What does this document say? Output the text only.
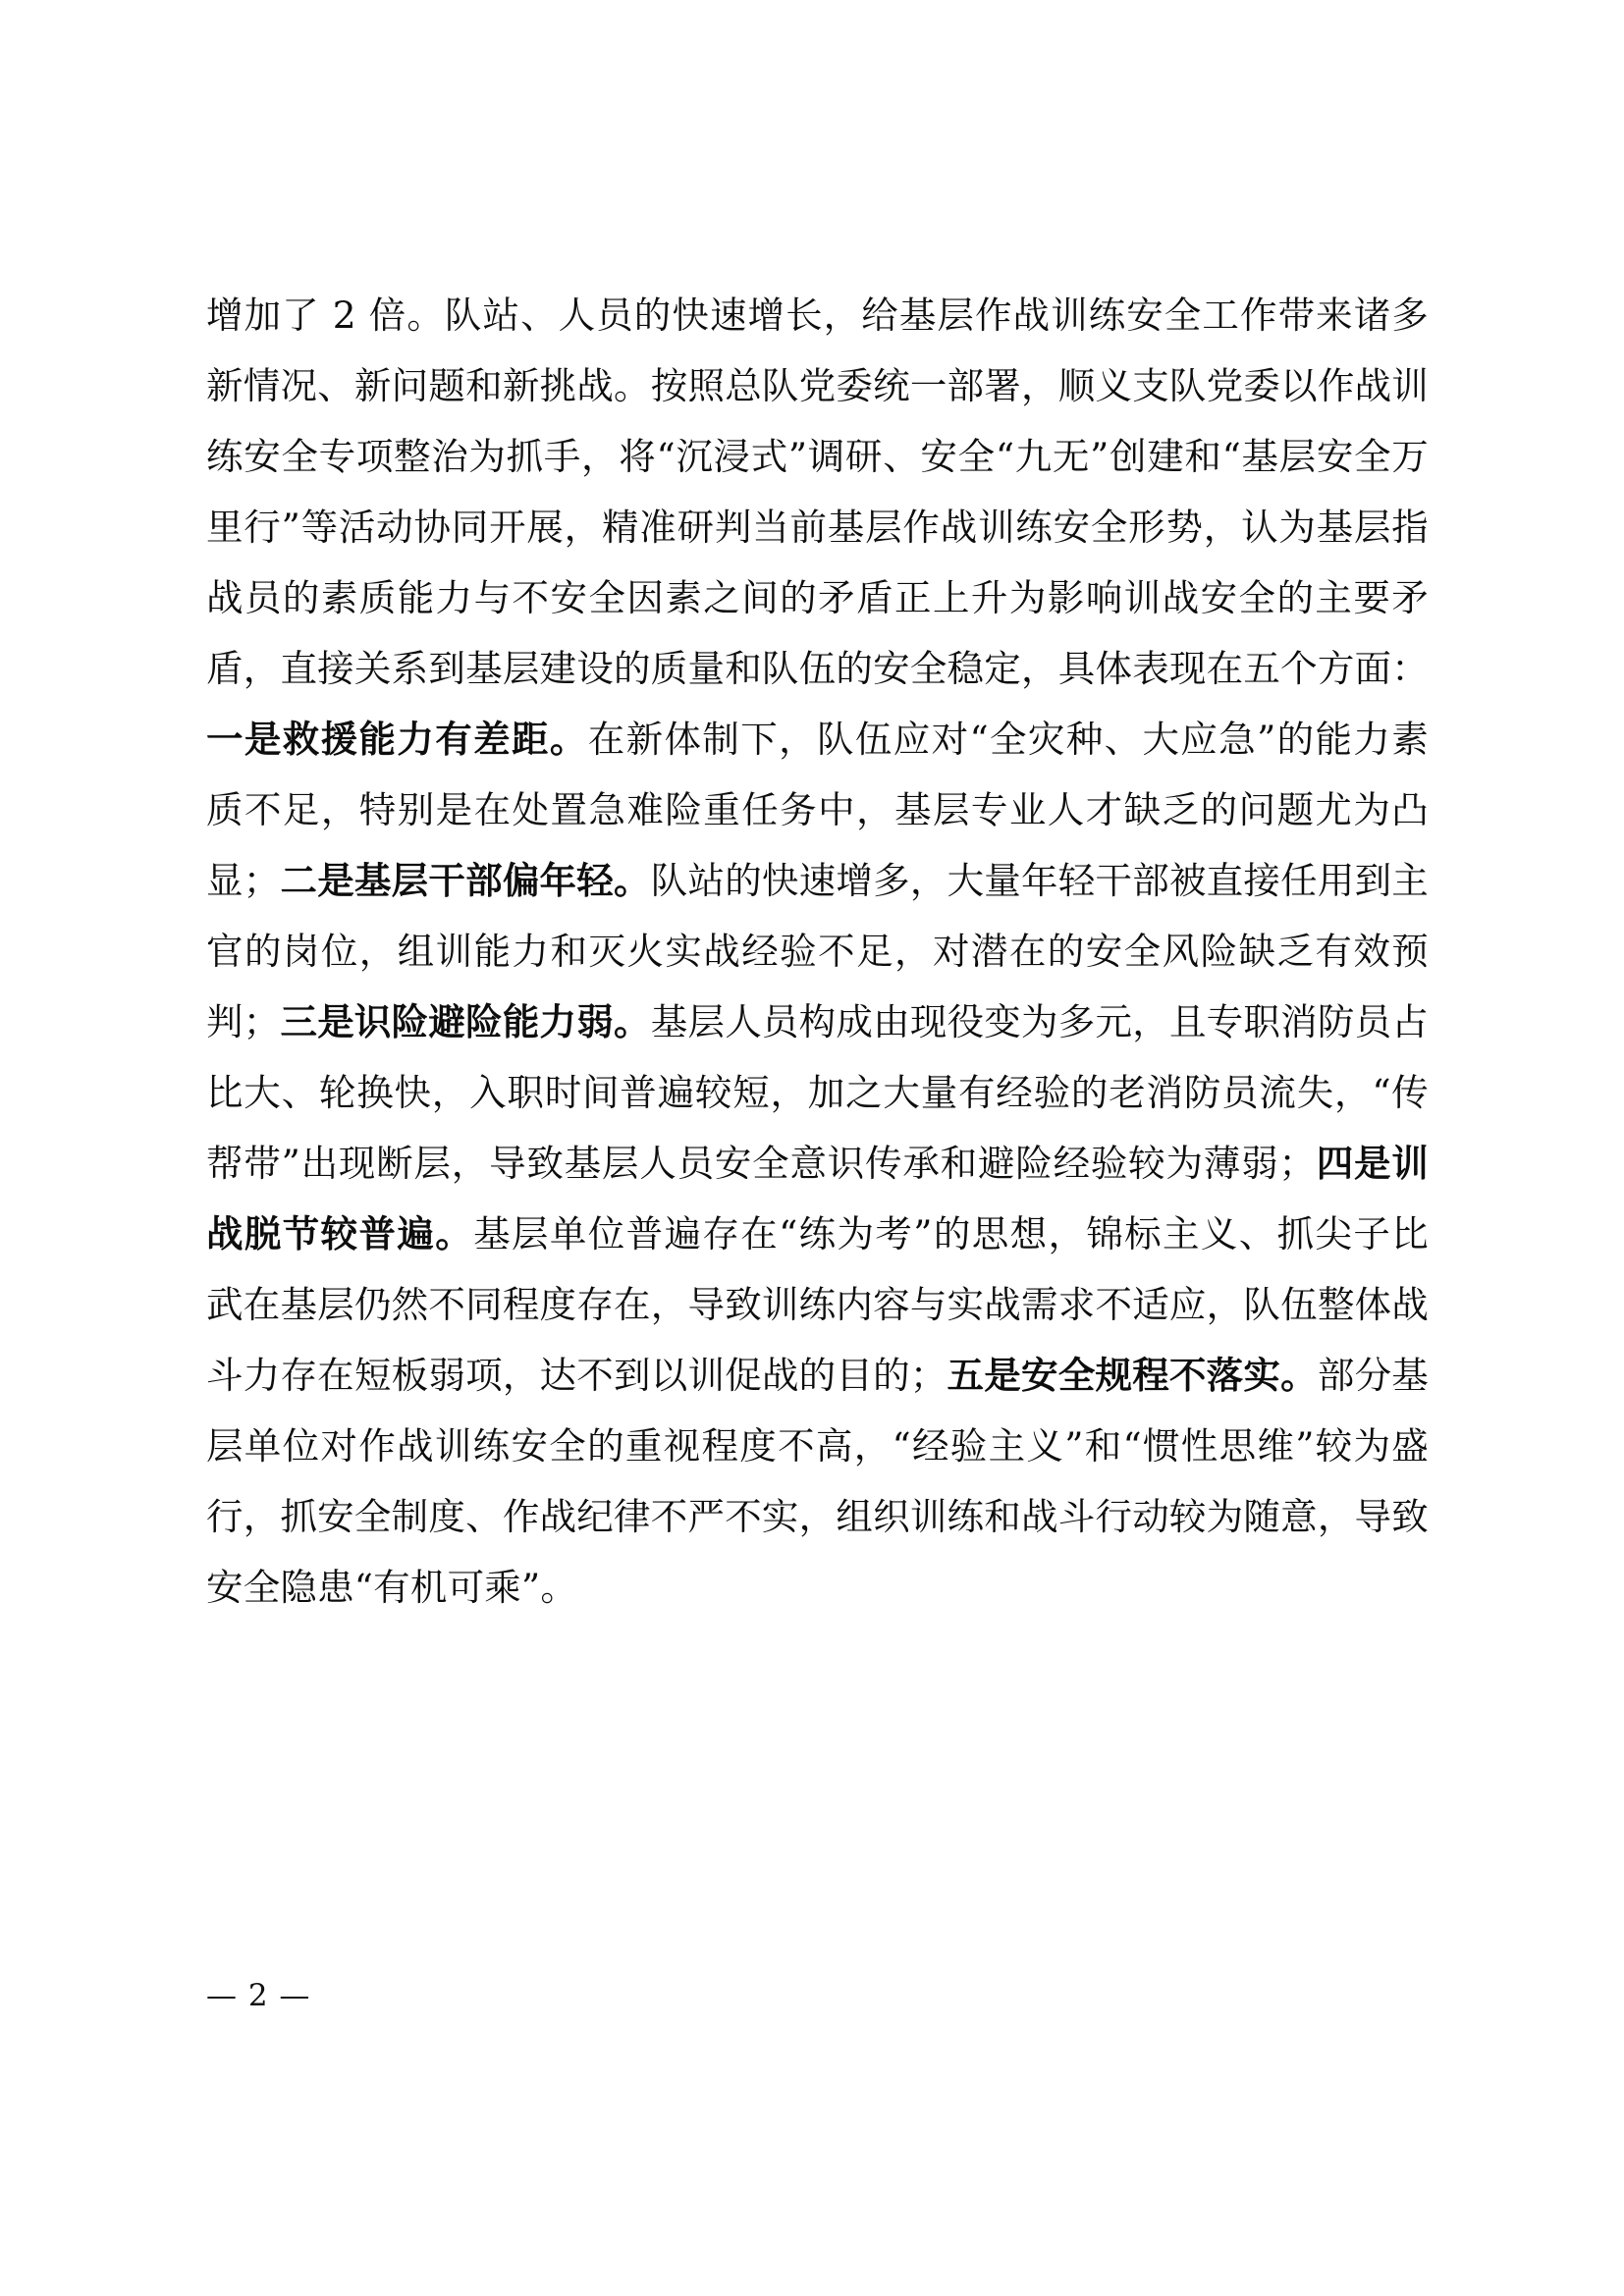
增加了 2 倍。队站、人员的快速增长，给基层作战训练安全工作带来诸多新情况、新问题和新挑战。按照总队党委统一部署，顺义支队党委以作战训练安全专项整治为抓手，将“沉浸式”调研、安全“九无”创建和“基层安全万里行”等活动协同开展，精准研判当前基层作战训练安全形势，认为基层指战员的素质能力与不安全因素之间的矛盾正上升为影响训战安全的主要矛盾，直接关系到基层建设的质量和队伍的安全稳定，具体表现在五个方面：一是救援能力有差距。在新体制下，队伍应对“全灾种、大应急”的能力素质不足，特别是在处置急难险重任务中，基层专业人才缺乏的问题尤为凸显；二是基层干部偏年轻。队站的快速增多，大量年轻干部被直接任用到主官的岗位，组训能力和灭火实战经验不足，对潜在的安全风险缺乏有效预判；三是识险避险能力弱。基层人员构成由现役变为多元，且专职消防员占比大、轮换快，入职时间普遍较短，加之大量有经验的老消防员流失，“传帮带”出现断层，导致基层人员安全意识传承和避险经验较为薄弱；四是训战脱节较普遍。基层单位普遍存在“练为考”的思想，锦标主义、抓尖子比武在基层仍然不同程度存在，导致训练内容与实战需求不适应，队伍整体战斗力存在短板弱项，达不到以训促战的目的；五是安全规程不落实。部分基层单位对作战训练安全的重视程度不高，“经验主义”和“惯性思维”较为盛行，抓安全制度、作战纪律不严不实，组织训练和战斗行动较为随意，导致安全隐患“有机可乘”。

— 2 —
